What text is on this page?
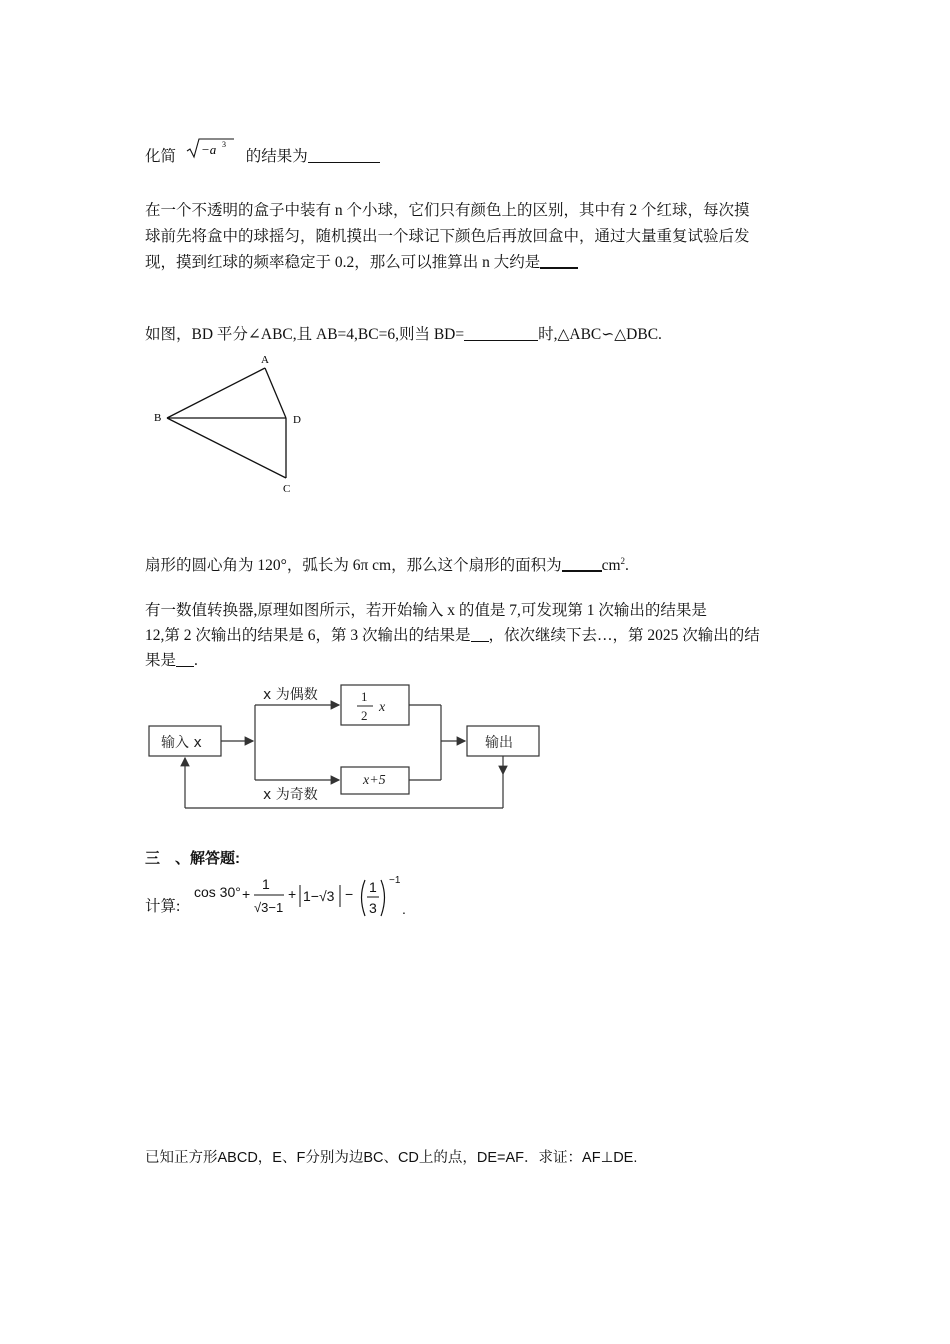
化简 −a 3
的结果为
在一个不透明的盒子中装有 n 个小球，它们只有颜色上的区别，其中有 2 个红球，每次摸
球前先将盒中的球摇匀，随机摸出一个球记下颜色后再放回盒中，通过大量重复试验后发
现，摸到红球的频率稳定于 0.2，那么可以推算出 n 大约是
如图，BD 平分∠ABC,且 AB=4,BC=6,则当 BD=	时,△ABC∽△DBC.
A
B	D
C
扇形的圆心角为 120°，弧长为 6π cm，那么这个扇形的面积为	$cm^2$.
有一数值转换器,原理如图所示，若开始输入 x 的值是 7,可发现第 1 次输出的结果是
12,第 2 次输出的结果是 6，第 3 次输出的结果是 ，依次继续下去…，第 2025 次输出的结
果是 .
输入 x
x 为偶数
x 为奇数
输出
x+5
1
2
x
三　、解答题:
计算:
cos 30° +
1
√3−1
+ 1−√3 − 1
3
−1
.
已知正方形ABCD，E、F分别为边BC、CD上的点，DE=AF．求证：AF⊥DE.
